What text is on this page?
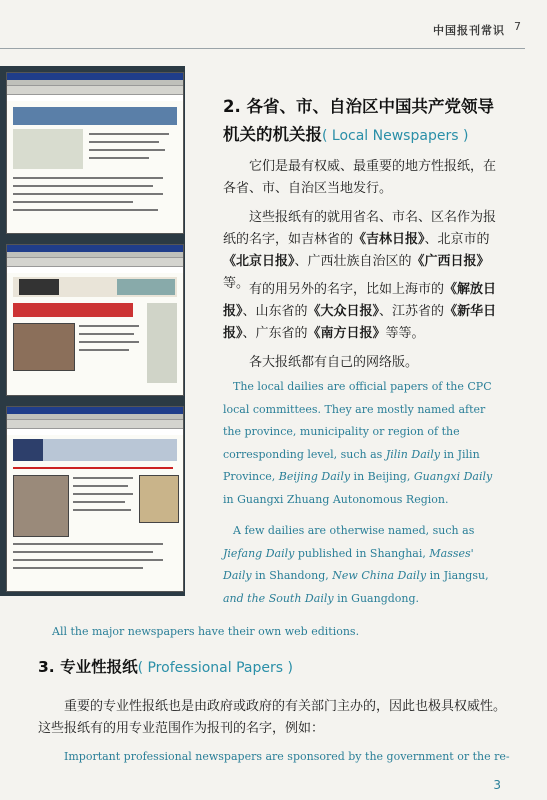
中国报刊常识 7
2. 各省、市、自治区中国共产党领导机关的机关报( Local Newspapers )
它们是最有权威、最重要的地方性报纸，在各省、市、自治区当地发行。
这些报纸有的就用省名、市名、区名作为报纸的名字，如吉林省的《吉林日报》、北京市的《北京日报》、广西壮族自治区的《广西日报》等。 有的用另外的名字，比如上海市的《解放日报》、山东省的《大众日报》、江苏省的《新华日报》、广东省的《南方日报》等等。
各大报纸都有自己的网络版。
The local dailies are official papers of the CPC local committees. They are mostly named after the province, municipality or region of the corresponding level, such as Jilin Daily in Jilin Province, Beijing Daily in Beijing, Guangxi Daily in Guangxi Zhuang Autonomous Region.
A few dailies are otherwise named, such as Jiefang Daily published in Shanghai, Masses' Daily in Shandong, New China Daily in Jiangsu, and the South Daily in Guangdong.
All the major newspapers have their own web editions.
3. 专业性报纸( Professional Papers )
重要的专业性报纸也是由政府或政府的有关部门主办的，因此也极具权威性。这些报纸有的用专业范围作为报刊的名字，例如：
Important professional newspapers are sponsored by the government or the re-
3
